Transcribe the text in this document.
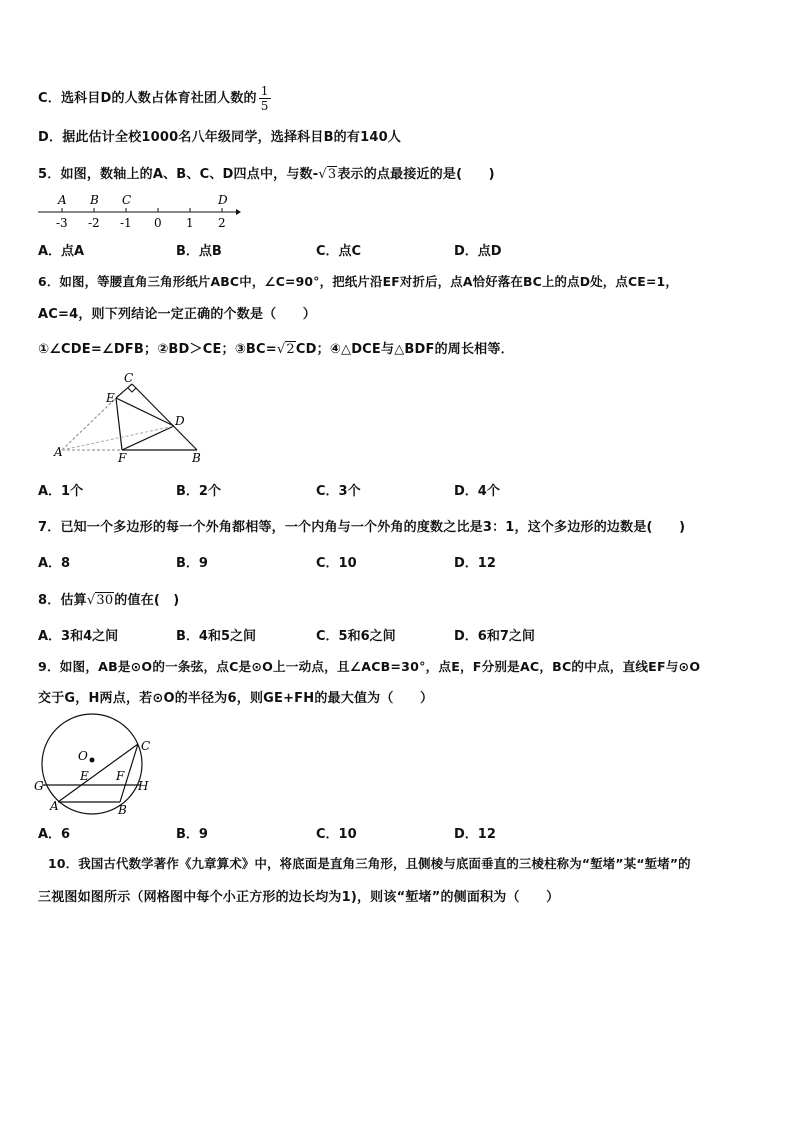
C．选科目D的人数占体育社团人数的 $\frac{1}{5}$
D．据此估计全校1000名八年级同学，选择科目B的有140人
5．如图，数轴上的A、B、C、D四点中，与数-√3表示的点最接近的是(　　)
A B C	D
-3 -2 -1 0 1 2
A．点A	B．点B	C．点C	D．点D
6．如图，等腰直角三角形纸片ABC中，∠C=90°，把纸片沿EF对折后，点A恰好落在BC上的点D处，点CE=1，
AC=4，则下列结论一定正确的个数是（　　）
①∠CDE=∠DFB；②BD＞CE；③BC=√2CD；④△DCE与△BDF的周长相等．
C
E
D
A	F	B
A．1个	B．2个	C．3个	D．4个
7．已知一个多边形的每一个外角都相等，一个内角与一个外角的度数之比是3：1，这个多边形的边数是(　　)
A．8	B．9	C．10	D．12
8．估算√30的值在(　)
A．3和4之间	B．4和5之间	C．5和6之间	D．6和7之间
9．如图，AB是⊙O的一条弦，点C是⊙O上一动点，且∠ACB=30°，点E，F分别是AC，BC的中点，直线EF与⊙O
交于G，H两点，若⊙O的半径为6，则GE+FH的最大值为（　　）
O
C
E F
G	H
A	B
A．6	B．9	C．10	D．12
10．我国古代数学著作《九章算术》中，将底面是直角三角形，且侧棱与底面垂直的三棱柱称为“堑堵”某“堑堵”的
三视图如图所示（网格图中每个小正方形的边长均为1)，则该“堑堵”的侧面积为（　　）
